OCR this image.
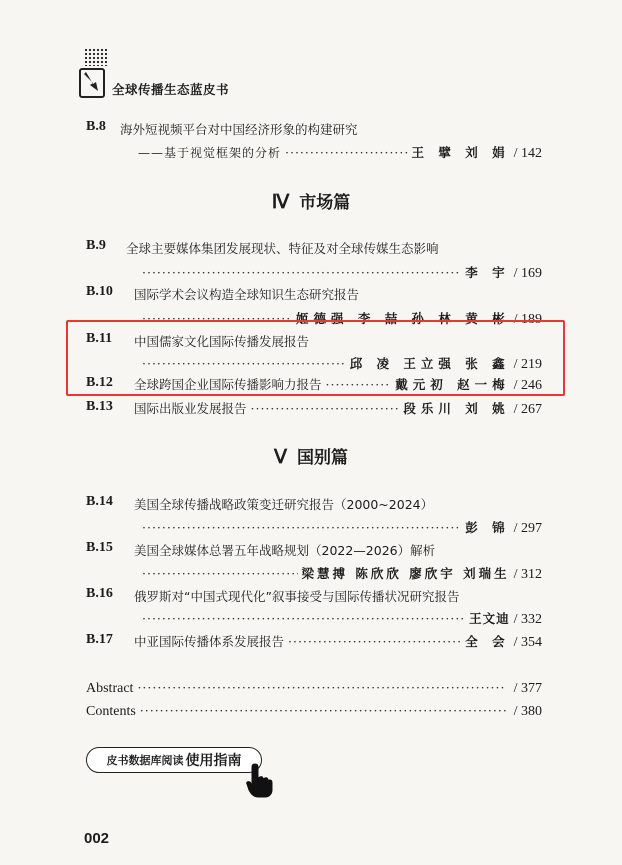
全球传播生态蓝皮书
B.8 海外短视频平台对中国经济形象的构建研究
——基于视觉框架的分析 ·····	王 擘 刘 娟 / 142
Ⅳ 市场篇
B.9 全球主要媒体集团发展现状、特征及对全球传媒生态影响
·····
李 宇 / 169
B.10 国际学术会议构造全球知识生态研究报告
·····
姬德强 李 喆 孙 林 黄 彬 / 189
B.11 中国儒家文化国际传播发展报告
·····
邱 凌 王立强 张 鑫 / 219
B.12 全球跨国企业国际传播影响力报告 ·····	戴元初 赵一梅 / 246
B.13 国际出版业发展报告 ·····	段乐川 刘 姚 / 267
Ⅴ 国别篇
B.14 美国全球传播战略政策变迁研究报告（2000~2024）
·····
彭 锦 / 297
B.15 美国全球媒体总署五年战略规划（2022—2026）解析
·····
梁慧搏 陈欣欣 廖欣宇 刘瑞生 / 312
B.16 俄罗斯对“中国式现代化”叙事接受与国际传播状况研究报告
·····
王文迪 / 332
B.17 中亚国际传播体系发展报告 ·····	全 会 / 354
Abstract ·····	/ 377
Contents ·····	/ 380
皮书数据库阅读 使用指南
002
